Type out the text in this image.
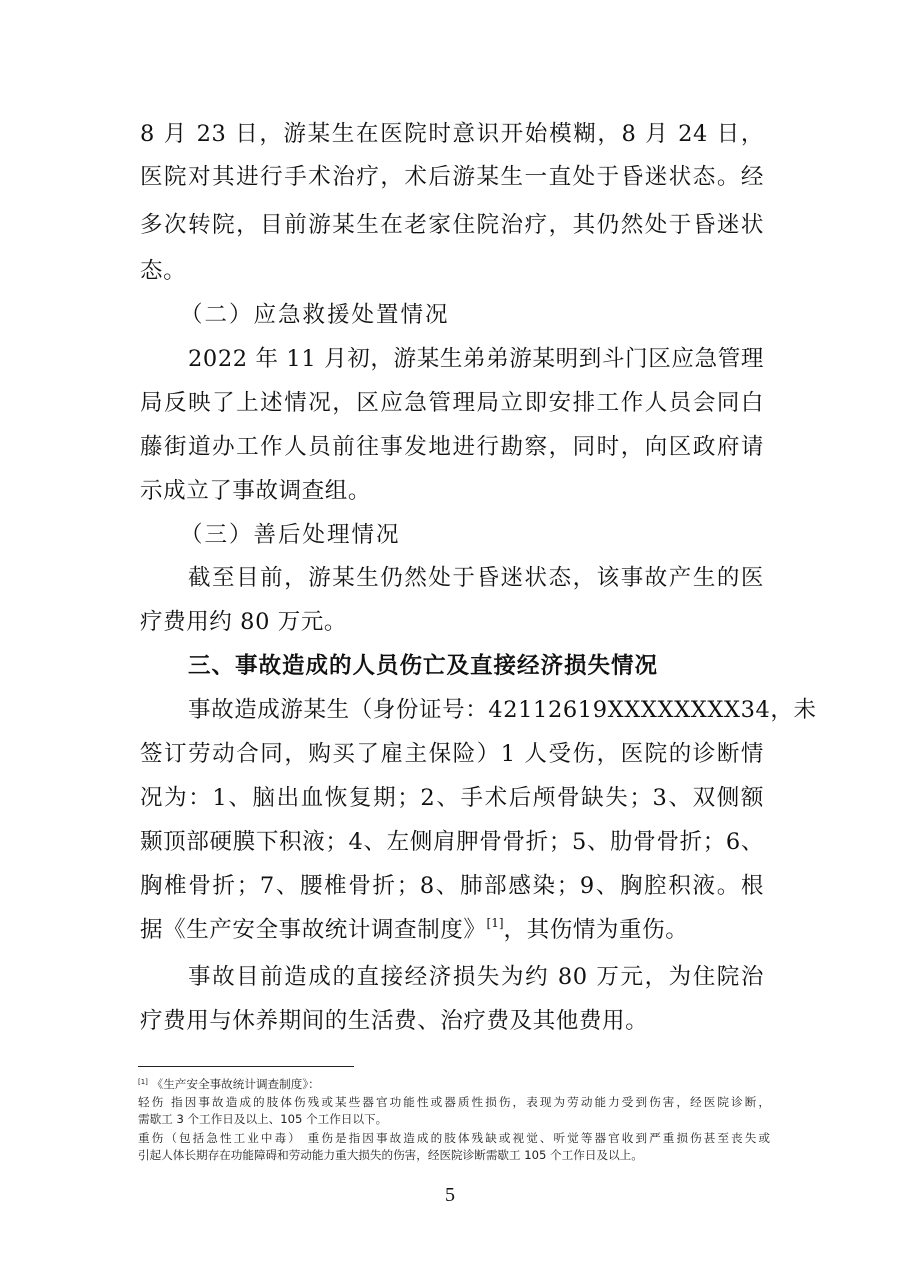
8 月 23 日，游某生在医院时意识开始模糊，8 月 24 日，
医院对其进行手术治疗，术后游某生一直处于昏迷状态。经
多次转院，目前游某生在老家住院治疗，其仍然处于昏迷状
态。
（二）应急救援处置情况
2022 年 11 月初，游某生弟弟游某明到斗门区应急管理
局反映了上述情况，区应急管理局立即安排工作人员会同白
藤街道办工作人员前往事发地进行勘察，同时，向区政府请
示成立了事故调查组。
（三）善后处理情况
截至目前，游某生仍然处于昏迷状态，该事故产生的医
疗费用约 80 万元。
三、事故造成的人员伤亡及直接经济损失情况
事故造成游某生（身份证号：42112619XXXXXXXX34，未
签订劳动合同，购买了雇主保险）1 人受伤，医院的诊断情
况为：1、脑出血恢复期；2、手术后颅骨缺失；3、双侧额
颞顶部硬膜下积液；4、左侧肩胛骨骨折；5、肋骨骨折；6、
胸椎骨折；7、腰椎骨折；8、肺部感染；9、胸腔积液。根
据《生产安全事故统计调查制度》[1]，其伤情为重伤。
事故目前造成的直接经济损失为约 80 万元，为住院治
疗费用与休养期间的生活费、治疗费及其他费用。
[1] 《生产安全事故统计调查制度》：
轻伤 指因事故造成的肢体伤残或某些器官功能性或器质性损伤，表现为劳动能力受到伤害，经医院诊断，
需歇工 3 个工作日及以上、105 个工作日以下。
重伤（包括急性工业中毒） 重伤是指因事故造成的肢体残缺或视觉、听觉等器官收到严重损伤甚至丧失或
引起人体长期存在功能障碍和劳动能力重大损失的伤害，经医院诊断需歇工 105 个工作日及以上。
5
